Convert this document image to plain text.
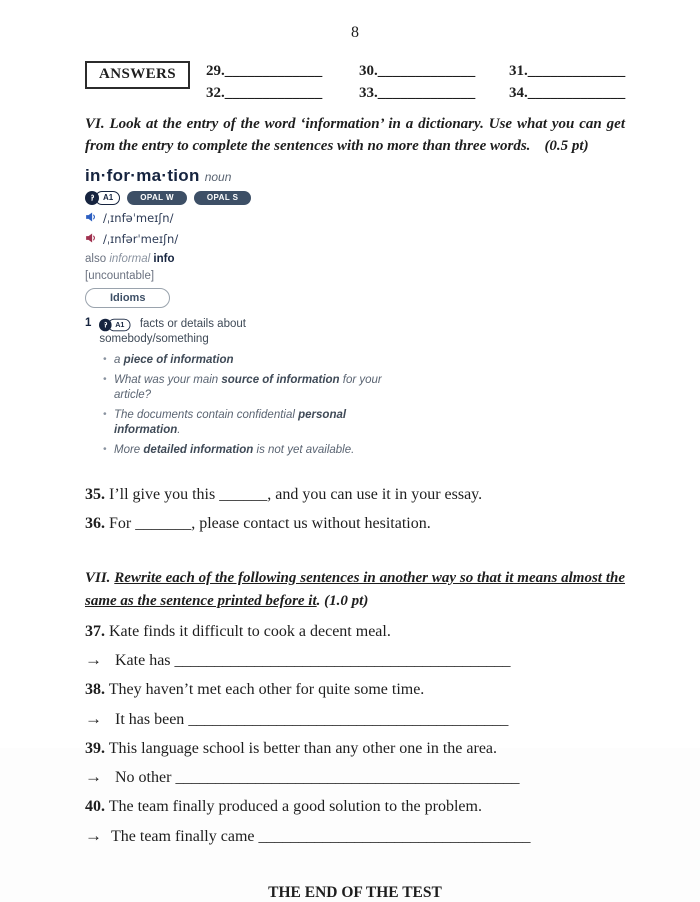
8
ANSWERS	29._____________	30._____________	31._____________
32._____________	33._____________	34._____________

VI. Look at the entry of the word ‘information’ in a dictionary. Use what you can get from the entry to complete the sentences with no more than three words. (0.5 pt)

in·for·ma·tion noun
A1	OPAL W	OPAL S
/ˌɪnfəˈmeɪʃn/
/ˌɪnfərˈmeɪʃn/
also informal info
[uncountable]
Idioms
1	A1	facts or details about somebody/something
• a piece of information
• What was your main source of information for your article?
• The documents contain confidential personal information.
• More detailed information is not yet available.

35. I’ll give you this ______, and you can use it in your essay.

36. For _______, please contact us without hesitation.

VII. Rewrite each of the following sentences in another way so that it means almost the same as the sentence printed before it. (1.0 pt)

37. Kate finds it difficult to cook a decent meal.

→ Kate has __________________________________________

38. They haven’t met each other for quite some time.

→ It has been ________________________________________

39. This language school is better than any other one in the area.

→ No other ___________________________________________

40. The team finally produced a good solution to the problem.

→ The team finally came __________________________________

THE END OF THE TEST
